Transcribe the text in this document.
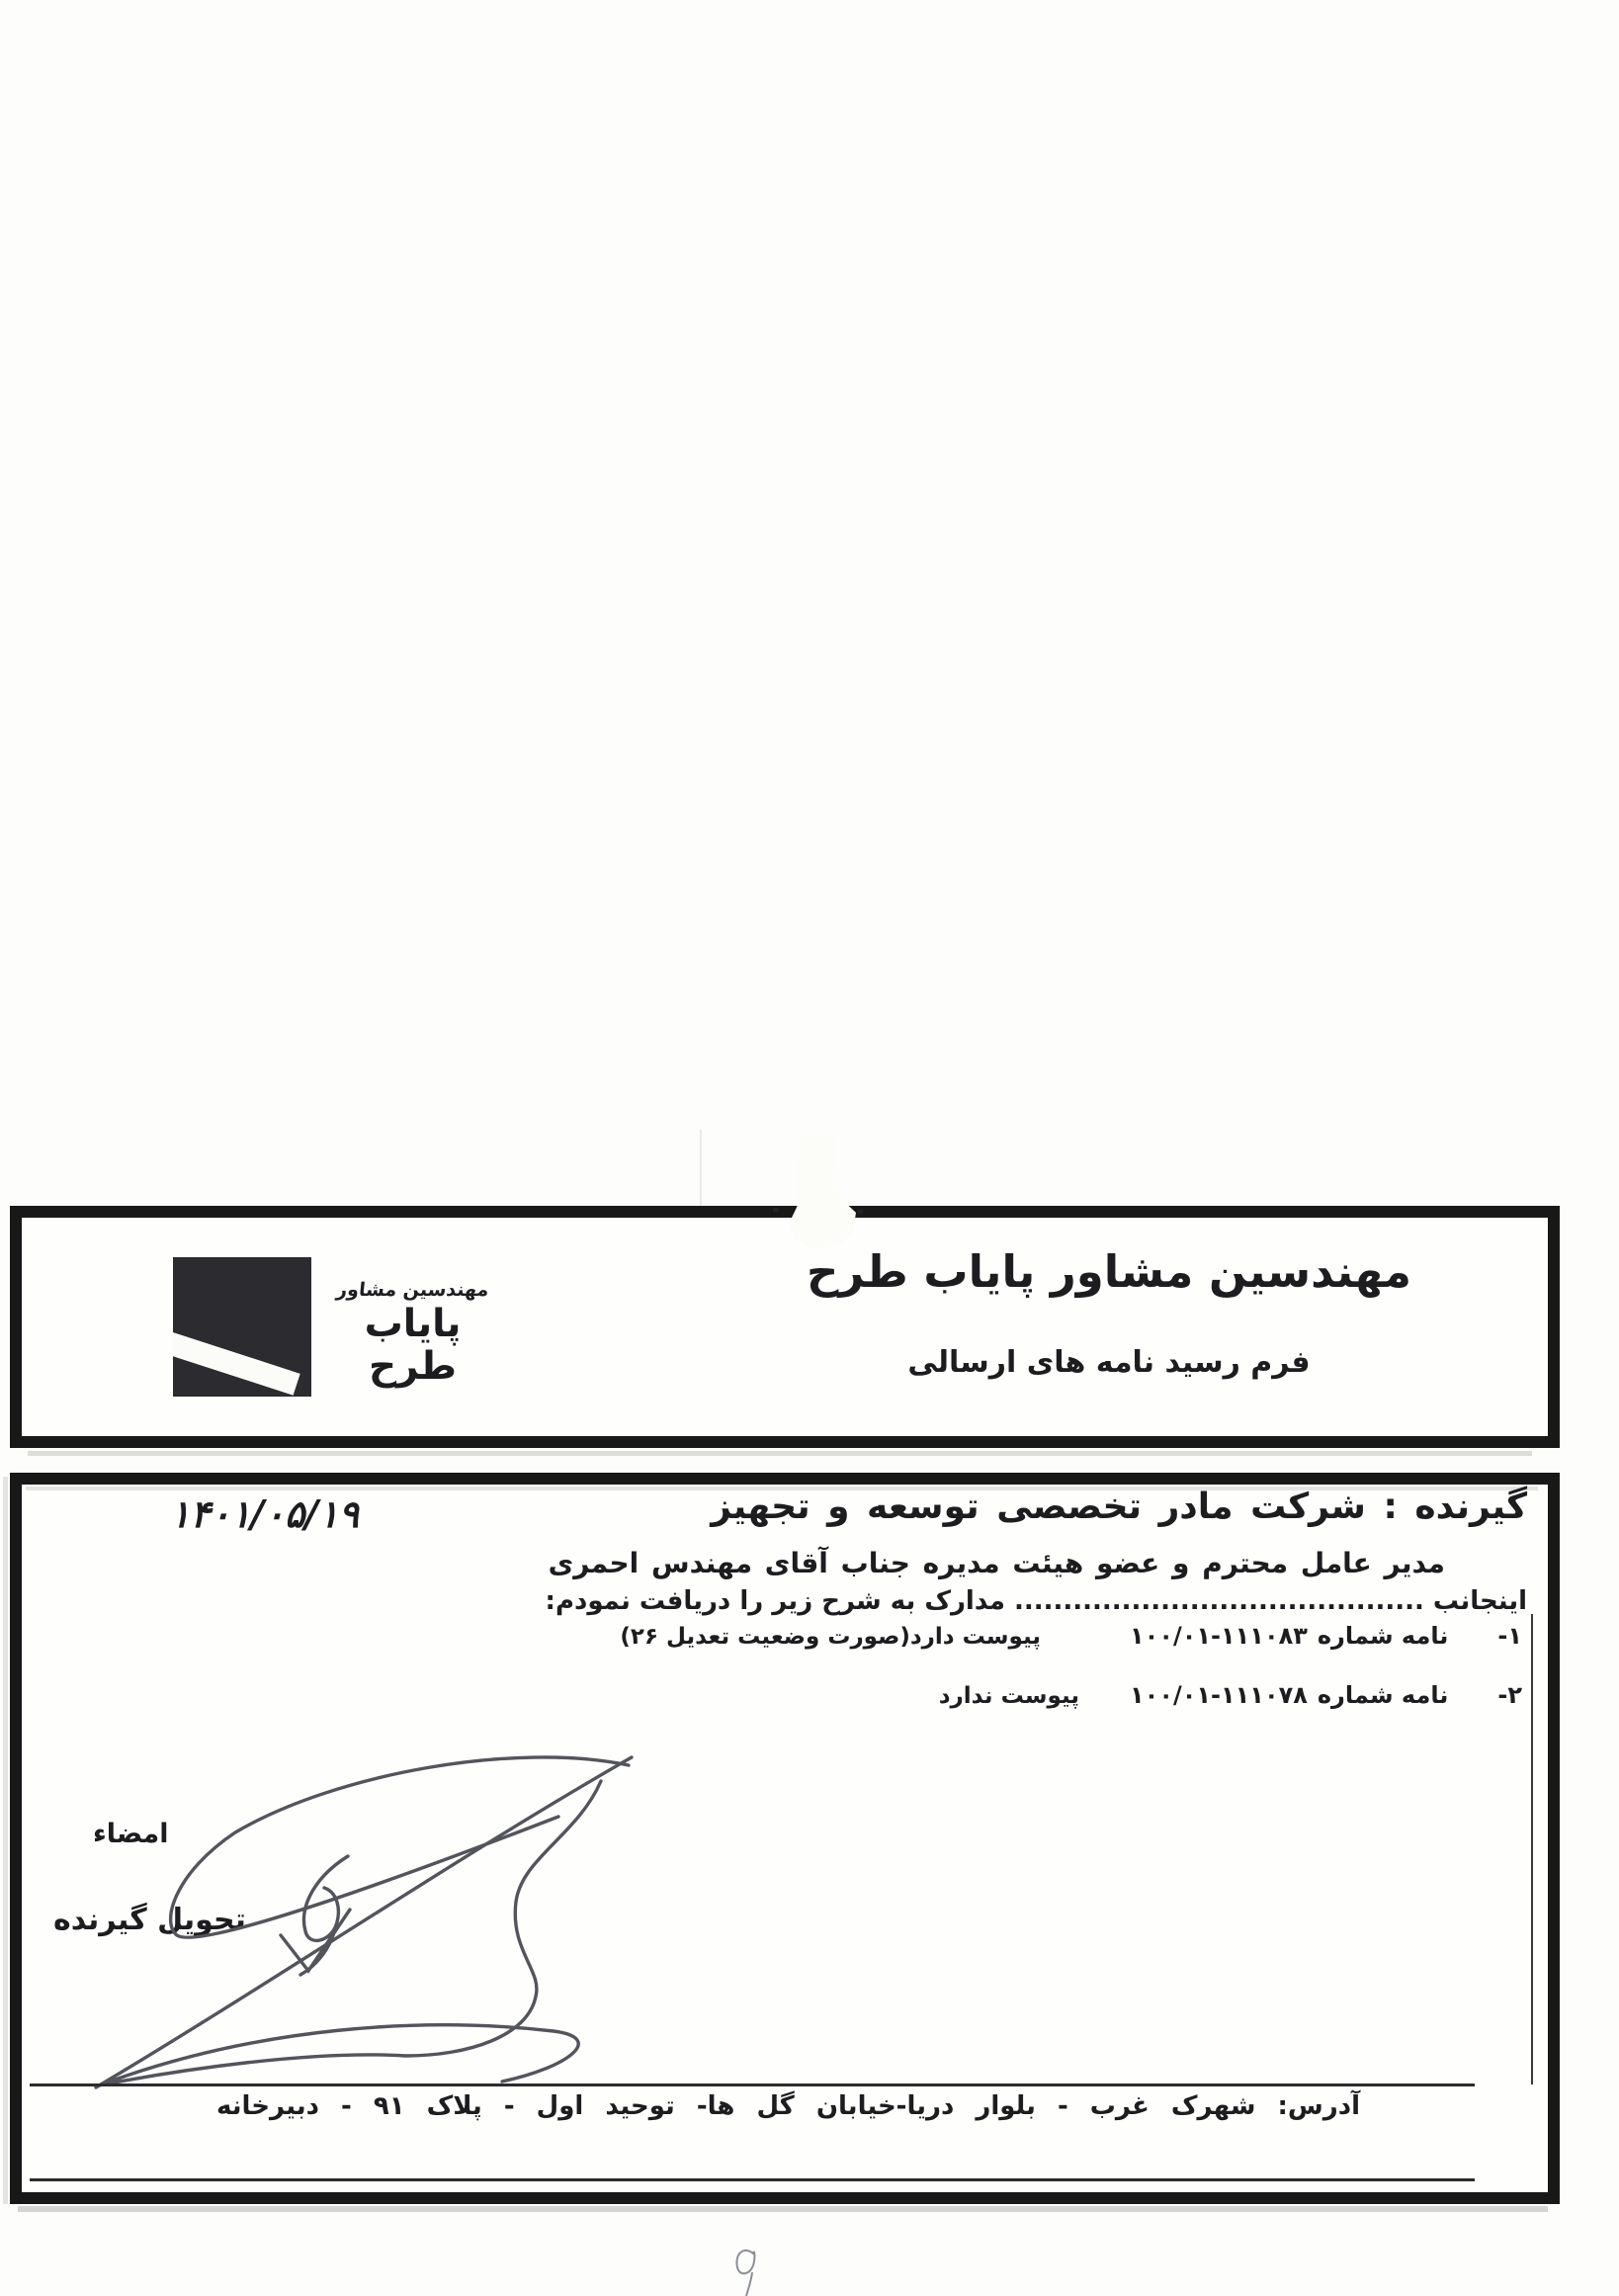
مهندسین مشاور
پایاب طرح
مهندسین مشاور پایاب طرح
فرم رسید نامه های ارسالی
۱۴۰۱/۰۵/۱۹	گیرنده : شرکت مادر تخصصی توسعه و تجهیز
مدیر عامل محترم و عضو هیئت مدیره جناب آقای مهندس احمری
اینجانب .......................................... مدارک به شرح زیر را دریافت نمودم:
۱-
نامه شماره
۱۰۰/۰۱-۱۱۱۰۸۳
پیوست دارد(صورت وضعیت تعدیل ۲۶)
۲-
نامه شماره
۱۰۰/۰۱-۱۱۱۰۷۸
پیوست ندارد
امضاء
تحویل گیرنده
آدرس: شهرک غرب - بلوار دریا-خیابان گل ها- توحید اول - پلاک ۹۱ - دبیرخانه
